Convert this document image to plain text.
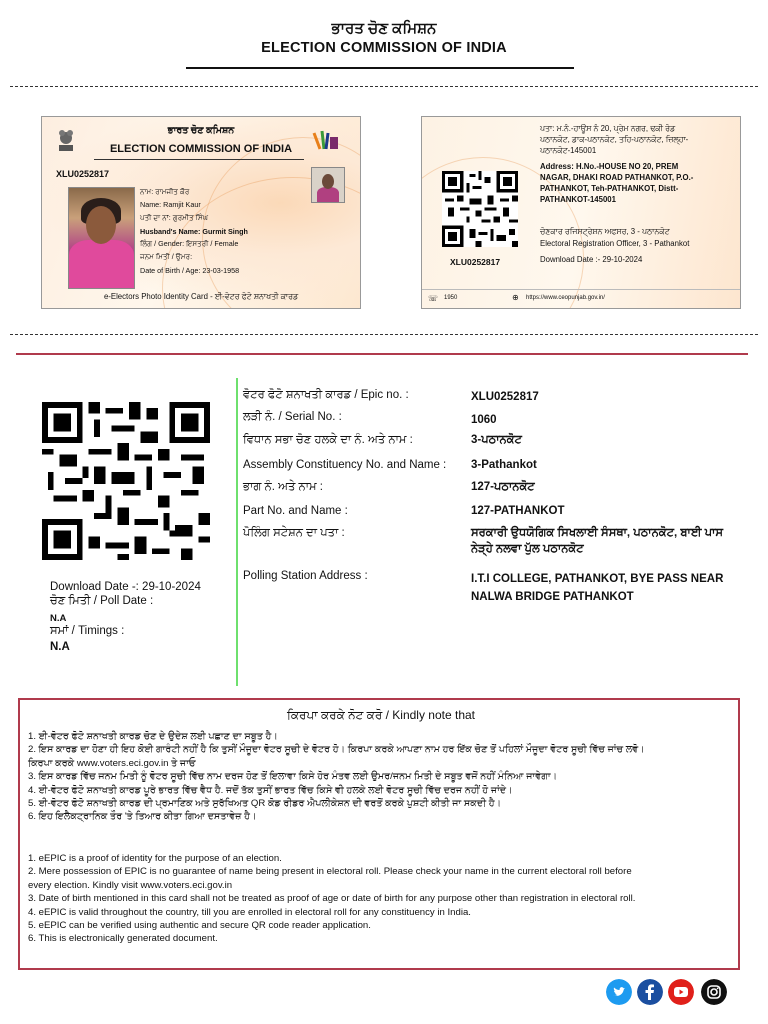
ਭਾਰਤ ਚੋਣ ਕਮਿਸ਼ਨ
ELECTION COMMISSION OF INDIA
ਭਾਰਤ ਚੋਣ ਕਮਿਸ਼ਨ
ELECTION COMMISSION OF INDIA
XLU0252817
ਨਾਮ: ਰਾਮਜੀਤ ਕੌਰ
Name: Ramjit Kaur
ਪਤੀ ਦਾ ਨਾਂ: ਗੁਰਮੀਤ ਸਿੰਘ
Husband's Name: Gurmit Singh
ਲਿੰਗ / Gender: ਇਸਤਰੀ / Female
ਜਨਮ ਮਿਤੀ / ਉਮਰ:
Date of Birth / Age: 23-03-1958
e-Electors Photo Identity Card - ਈ-ਵੋਟਰ ਫੋਟੋ ਸ਼ਨਾਖਤੀ ਕਾਰਡ
ਪਤਾ: ਮ.ਨੰ.-ਹਾਊਸ ਨੰ 20, ਪ੍ਰੇਮ ਨਗਰ, ਢਕੀ ਰੋਡ
ਪਠਾਨਕੋਟ, ਡਾਕ-ਪਠਾਨਕੋਟ, ਤਹਿ-ਪਠਾਨਕੋਟ, ਜ਼ਿਲ੍ਹਾ-
ਪਠਾਨਕੋਟ-145001
Address: H.No.-HOUSE NO 20, PREM
NAGAR, DHAKI ROAD PATHANKOT, P.O.-
PATHANKOT, Teh-PATHANKOT, Distt-
PATHANKOT-145001
ਚੋਣਕਾਰ ਰਜਿਸਟ੍ਰੇਸ਼ਨ ਅਫਸਰ, 3 - ਪਠਾਨਕੋਟ
Electoral Registration Officer, 3 - Pathankot
Download Date :- 29-10-2024
XLU0252817
☏ 1950	⊕ https://www.ceopunjab.gov.in/
Download Date -: 29-10-2024
ਚੋਣ ਮਿਤੀ / Poll Date :
N.A
ਸਮਾਂ / Timings :
N.A
ਵੋਟਰ ਫੋਟੋ ਸ਼ਨਾਖਤੀ ਕਾਰਡ / Epic no. :	XLU0252817
ਲੜੀ ਨੰ. / Serial No. :	1060
ਵਿਧਾਨ ਸਭਾ ਚੋਣ ਹਲਕੇ ਦਾ ਨੰ. ਅਤੇ ਨਾਮ :	3-ਪਠਾਨਕੋਟ
Assembly Constituency No. and Name : 3-Pathankot
ਭਾਗ ਨੰ. ਅਤੇ ਨਾਮ :	127-ਪਠਾਨਕੋਟ
Part No. and Name :	127-PATHANKOT
ਪੋਲਿੰਗ ਸਟੇਸ਼ਨ ਦਾ ਪਤਾ :	ਸਰਕਾਰੀ ਉਧਯੋਗਿਕ ਸਿਖਲਾਈ ਸੰਸਥਾ, ਪਠਾਨਕੋਟ, ਬਾਈ ਪਾਸ
ਨੇੜ੍ਹੇ ਨਲਵਾ ਪੁੱਲ ਪਠਾਨਕੋਟ
Polling Station Address :	I.T.I COLLEGE, PATHANKOT, BYE PASS NEAR
NALWA BRIDGE PATHANKOT
ਕਿਰਪਾ ਕਰਕੇ ਨੋਟ ਕਰੋ / Kindly note that
1. ਈ-ਵੋਟਰ ਫੋਟੋ ਸ਼ਨਾਖਤੀ ਕਾਰਡ ਚੋਣ ਦੇ ਉਦੇਸ਼ ਲਈ ਪਛਾਣ ਦਾ ਸਬੂਤ ਹੈ।
2. ਇਸ ਕਾਰਡ ਦਾ ਹੋਣਾ ਹੀ ਇਹ ਕੋਈ ਗਾਰੰਟੀ ਨਹੀਂ ਹੈ ਕਿ ਤੁਸੀਂ ਮੌਜੂਦਾ ਵੋਟਰ ਸੂਚੀ ਦੇ ਵੋਟਰ ਹੋ। ਕਿਰਪਾ ਕਰਕੇ ਆਪਣਾ ਨਾਮ ਹਰ ਇੱਕ ਚੋਣ ਤੋਂ ਪਹਿਲਾਂ ਮੌਜੂਦਾ ਵੋਟਰ ਸੂਚੀ ਵਿੱਚ ਜਾਂਚ ਲਵੋ।
ਕਿਰਪਾ ਕਰਕੇ www.voters.eci.gov.in ਤੇ ਜਾਓ
3. ਇਸ ਕਾਰਡ ਵਿੱਚ ਜਨਮ ਮਿਤੀ ਨੂੰ ਵੋਟਰ ਸੂਚੀ ਵਿੱਚ ਨਾਮ ਦਰਜ ਹੋਣ ਤੋਂ ਇਲਾਵਾ ਕਿਸੇ ਹੋਰ ਮੰਤਵ ਲਈ ਉਮਰ/ਜਨਮ ਮਿਤੀ ਦੇ ਸਬੂਤ ਵਜੋਂ ਨਹੀਂ ਮੰਨਿਆ ਜਾਵੇਗਾ।
4. ਈ-ਵੋਟਰ ਫੋਟੋ ਸ਼ਨਾਖਤੀ ਕਾਰਡ ਪੂਰੇ ਭਾਰਤ ਵਿੱਚ ਵੈਧ ਹੈ. ਜਦੋਂ ਤੱਕ ਤੁਸੀਂ ਭਾਰਤ ਵਿੱਚ ਕਿਸੇ ਵੀ ਹਲਕੇ ਲਈ ਵੋਟਰ ਸੂਚੀ ਵਿੱਚ ਦਰਜ ਨਹੀਂ ਹੋ ਜਾਂਦੇ।
5. ਈ-ਵੋਟਰ ਫੋਟੋ ਸ਼ਨਾਖਤੀ ਕਾਰਡ ਦੀ ਪ੍ਰਮਾਣਿਕ ਅਤੇ ਸੁਰੱਖਿਅਤ QR ਕੋਡ ਰੀਡਰ ਐਪਲੀਕੇਸ਼ਨ ਦੀ ਵਰਤੋਂ ਕਰਕੇ ਪੁਸ਼ਟੀ ਕੀਤੀ ਜਾ ਸਕਦੀ ਹੈ।
6. ਇਹ ਇਲੈਕਟ੍ਰਾਨਿਕ ਤੌਰ 'ਤੇ ਤਿਆਰ ਕੀਤਾ ਗਿਆ ਦਸਤਾਵੇਜ਼ ਹੈ।
1. eEPIC is a proof of identity for the purpose of an election.
2. Mere possession of EPIC is no guarantee of name being present in electoral roll. Please check your name in the current electoral roll before
every election. Kindly visit www.voters.eci.gov.in
3. Date of birth mentioned in this card shall not be treated as proof of age or date of birth for any purpose other than registration in electoral roll.
4. eEPIC is valid throughout the country, till you are enrolled in electoral roll for any constituency in India.
5. eEPIC can be verified using authentic and secure QR code reader application.
6. This is electronically generated document.
